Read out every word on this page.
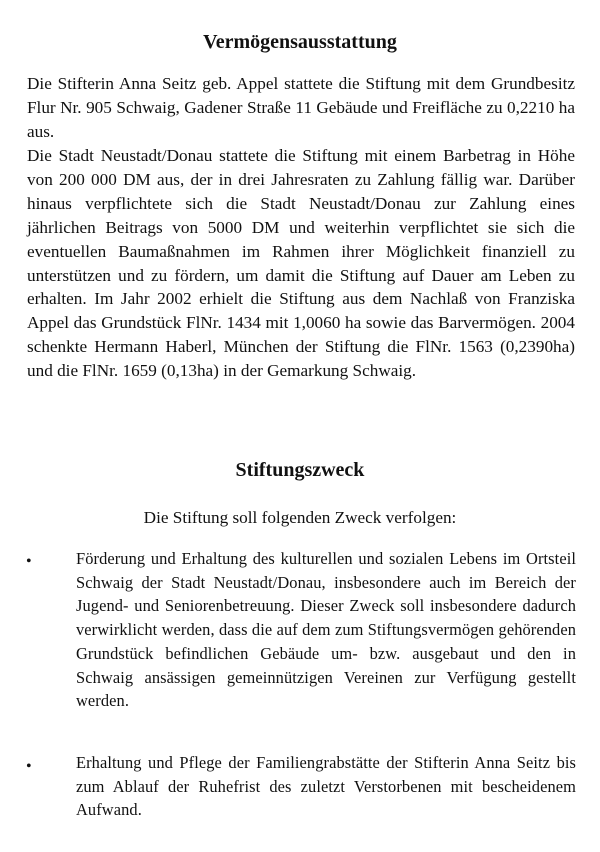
Vermögensausstattung

Die Stifterin Anna Seitz geb. Appel stattete die Stiftung mit dem Grundbesitz Flur Nr. 905 Schwaig, Gadener Straße 11 Gebäude und Freifläche zu 0,2210 ha aus.

Die Stadt Neustadt/Donau stattete die Stiftung mit einem Barbetrag in Höhe von 200 000 DM aus, der in drei Jahresraten zu Zahlung fällig war. Darüber hinaus verpflichtete sich die Stadt Neustadt/Donau zur Zahlung eines jährlichen Beitrags von 5000 DM und weiterhin verpflichtet sie sich die eventuellen Baumaßnahmen im Rahmen ihrer Möglichkeit finanziell zu unterstützen und zu fördern, um damit die Stiftung auf Dauer am Leben zu erhalten. Im Jahr 2002 erhielt die Stiftung aus dem Nachlaß von Franziska Appel das Grundstück FlNr. 1434 mit 1,0060 ha sowie das Barvermögen. 2004 schenkte Hermann Haberl, München der Stiftung die FlNr. 1563 (0,2390ha) und die FlNr. 1659 (0,13ha) in der Gemarkung Schwaig.

Stiftungszweck

Die Stiftung soll folgenden Zweck verfolgen:

•	Förderung und Erhaltung des kulturellen und sozialen Lebens im Ortsteil Schwaig der Stadt Neustadt/Donau, insbesondere auch im Bereich der Jugend- und Seniorenbetreuung. Dieser Zweck soll insbesondere dadurch verwirklicht werden, dass die auf dem zum Stiftungsvermögen gehörenden Grundstück befindlichen Gebäude um- bzw. ausgebaut und den in Schwaig ansässigen gemeinnützigen Vereinen zur Verfügung gestellt werden.

•	Erhaltung und Pflege der Familiengrabstätte der Stifterin Anna Seitz bis zum Ablauf der Ruhefrist des zuletzt Verstorbenen mit bescheidenem Aufwand.
